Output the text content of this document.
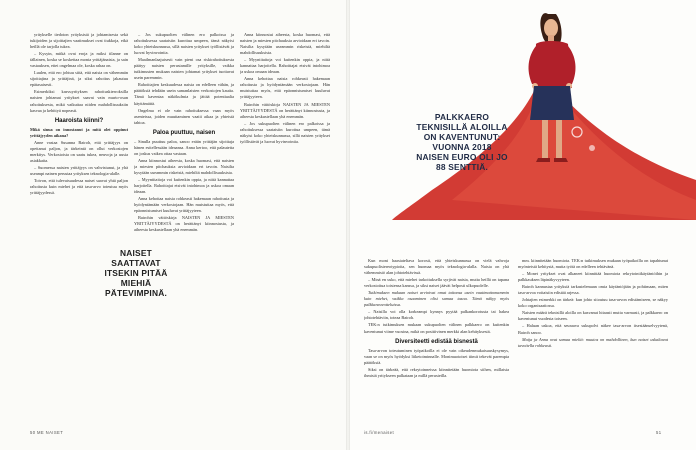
yritykselle tiedoton yrityksistä ja johtamisesta sekä tukijoiden ja sijoittajien vaatimukset ovat tiukkoja, eikä heillä ole tarjolla tukea.

– Kysyin, mitkä ovat eroja ja miksi tilanne on tällainen, koska se koskettaa monia yrittäjänaisia, ja sain vastauksen, ettei ongelmaa ole, koska rahaa on.

Luulen, että ero johtuu siitä, että naisia on vähemmän sijoittajina ja yrittäjinä, ja siksi rahoitus jakautuu epätasaisesti.

Esimerkiksi kasvuyrityksen rahoituskierroksilla naisten johtamat yritykset saavat vain murto-osan rahoituksesta, mikä vaikuttaa niiden mahdollisuuksiin kasvaa ja kehittyä nopeasti.

Haaroista kiinni?

Mikä sinua on innostanut ja mitä olet oppinut yrittäjyyden aikana?

Anne vastaa Susanna Bairoh, että yrittäjyys on opettanut paljon, ja tärkeintä on ollut verkostojen merkitys. Verkostoista on saatu tukea, neuvoja ja uusia asiakkaita.

– Suomessa naisten yrittäjyys on vahvistunut, ja yhä useampi nainen perustaa yrityksen teknologia-alalle.

Toivon, että tulevaisuudessa naiset saavat yhtä paljon rahoitusta kuin miehet ja että tasa-arvo toteutuu myös yrittäjyydessä.

– Jos sukupuolten välinen ero palkoissa ja rahoituksessa saataisiin kurottua umpeen, tämä näkyisi koko yhteiskunnassa, sillä naisten yritykset työllistävät ja luovat hyvinvointia.

Maailmanlaajuisesti vain pieni osa riskirahoituksesta päätyy naisten perustamille yrityksille, vaikka tutkimusten mukaan naisten johtamat yritykset tuottavat usein paremmin.

Rahoittajien keskuudessa naisia on edelleen vähän, ja päätöksiä tehdään usein samanlaisten verkostojen kautta. Tämä kaventaa näkökulmia ja jättää potentiaalia käyttämättä.

Ongelma ei ole vain rahoituksessa vaan myös asenteissa, joiden muuttaminen vaatii aikaa ja yhteistä tahtoa.

Paloa puuttuu, naisen

– Sinulla puuttuu paloa, sanoo erään yrittäjän sijoittaja hänen esitellessään ideaansa. Anna kertoo, että palautetta on joskus vaikea ottaa vastaan.

Anna kiinnostui aiheesta, koska huomasi, että naisten ja miesten pitchauksia arvioidaan eri tavoin. Naisilta kysytään useammin riskeistä, miehiltä mahdollisuuksista.

– Myyntitaitoja voi kuitenkin oppia, ja niitä kannattaa harjoitella. Rahoittajat etsivät intohimoa ja uskoa omaan ideaan.

Anna kehottaa naisia rohkeasti hakemaan rahoitusta ja hyödyntämään verkostojaan. Hän muistuttaa myös, että epäonnistumiset kuuluvat yrittäjyyteen.

Bairohin väitöskirja NAISTEN JA MIESTEN YRITTÄJYYDESTÄ on herättänyt kiinnostusta, ja aiheesta keskustellaan yhä enemmän.

Anna kiinnostui aiheesta, koska huomasi, että naisten ja miesten pitchauksia arvioidaan eri tavoin. Naisilta kysytään useammin riskeistä, miehiltä mahdollisuuksista.

– Myyntitaitoja voi kuitenkin oppia, ja niitä kannattaa harjoitella. Rahoittajat etsivät intohimoa ja uskoa omaan ideaan.

Anna kehottaa naisia rohkeasti hakemaan rahoitusta ja hyödyntämään verkostojaan. Hän muistuttaa myös, että epäonnistumiset kuuluvat yrittäjyyteen.

Bairohin väitöskirja NAISTEN JA MIESTEN YRITTÄJYYDESTÄ on herättänyt kiinnostusta, ja aiheesta keskustellaan yhä enemmän.

– Jos sukupuolten välinen ero palkoissa ja rahoituksessa saataisiin kurottua umpeen, tämä näkyisi koko yhteiskunnassa, sillä naisten yritykset työllistävät ja luovat hyvinvointia.

NAISET SAATTAVAT ITSEKIN PITÄÄ MIEHIÄ PÄTEVIMPINÄ.
50 ME NAISET
PALKKAERO TEKNISILLÄ ALOILLA ON KAVENTUNUT: VUONNA 2018 NAISEN EURO OLI JO 88 SENTTIÄ.

Kun moni haastateltava korosti, että yhteiskunnassa on vielä vahvoja sukupuolistereotypioita, sen huomaa myös teknologia-alalla. Naisia on yhä vähemmistö alan johtotehtävissä.

– Minä en usko, että miehet tarkoituksella syrjivät naisia, mutta heillä on tapana verkostoitua toistensa kanssa, ja siksi naiset jäävät helposti ulkopuolelle.

Tutkimuksen mukaan naiset arvioivat omat taitonsa usein vaatimattomammin kuin miehet, vaikka osaaminen olisi samaa tasoa. Tämä näkyy myös palkkaneuvotteluissa.

– Naisilla voi olla korkeampi kynnys pyytää palkankorotusta tai hakea johtotehtäviin, toteaa Bairoh.

TEK:n tutkimuksen mukaan sukupuolten välinen palkkaero on kuitenkin kaventunut viime vuosina, mikä on positiivinen merkki alan kehityksestä.

Diversiteetti edistää bisnestä

Tasa-arvon toteutuminen työpaikoilla ei ole vain oikeudenmukaisuuskysymys, vaan se on myös hyödyksi liiketoiminnalle. Monimuotoiset tiimit tekevät parempia päätöksiä.

Siksi on tärkeää, että rekrytoinneissa kiinnitetään huomiota siihen, millaisia ihmisiä yritykseen palkataan ja millä perusteilla.

mm. kiinnitetään huomiota. TEK:n tutkimuksen mukaan työpaikoilla on tapahtunut myönteistä kehitystä, mutta työtä on edelleen tehtävänä.

– Monet yritykset ovat alkaneet kiinnittää huomiota rekrytointikäytäntöihin ja palkkauksen läpinäkyvyyteen.

Bairoh kannustaa yrityksiä tarkastelemaan omia käytäntöjään ja pohtimaan, miten tasa-arvoa voitaisiin edistää arjessa.

Johtajien esimerkki on tärkeä: kun johto sitoutuu tasa-arvon edistämiseen, se näkyy koko organisaatiossa.

Naisten määrä teknisillä aloilla on kasvanut hitaasti mutta varmasti, ja palkkaero on kaventunut vuodesta toiseen.

– Haluan uskoa, että seuraava sukupolvi näkee tasa-arvon itsestäänselvyytenä, Bairoh sanoo.

Maija ja Anna ovat samaa mieltä: muutos on mahdollinen, kun naiset uskaltavat tavoitella rohkeasti.

is.fi/menaiset	51
